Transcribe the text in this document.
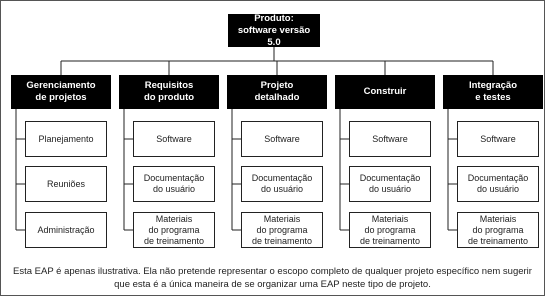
Produto:
software versão 5.0
Gerenciamento
de projetos
Planejamento
Reuniões
Administração
Requisitos
do produto
Software
Documentação
do usuário
Materiais
do programa
de treinamento
Projeto
detalhado
Software
Documentação
do usuário
Materiais
do programa
de treinamento
Construir
Software
Documentação
do usuário
Materiais
do programa
de treinamento
Integração
e testes
Software
Documentação
do usuário
Materiais
do programa
de treinamento
Esta EAP é apenas ilustrativa. Ela não pretende representar o escopo completo de qualquer projeto específico nem sugerir que esta é a única maneira de se organizar uma EAP neste tipo de projeto.
